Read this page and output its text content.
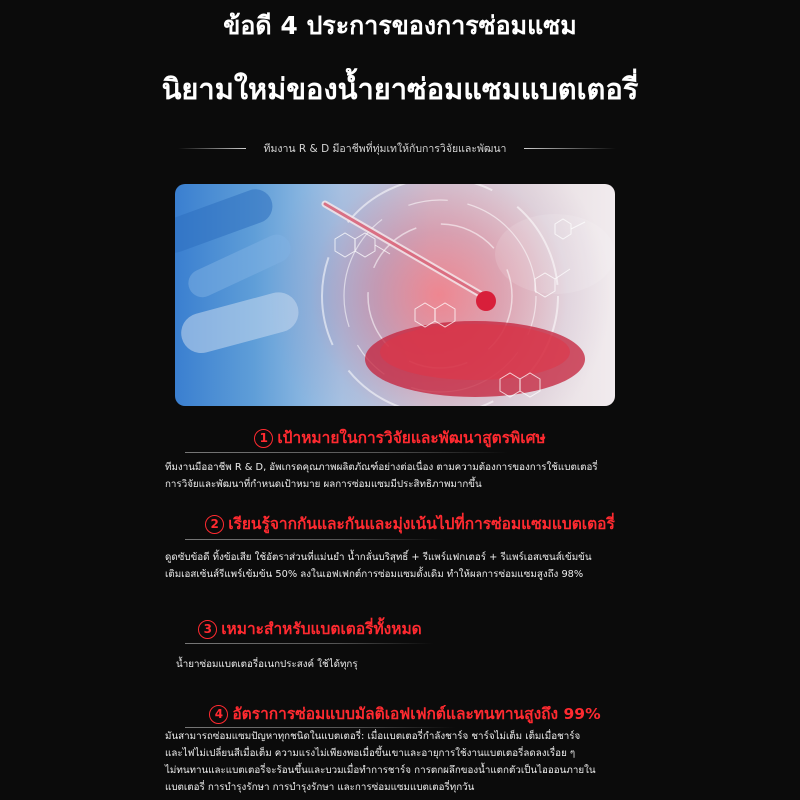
ข้อดี 4 ประการของการซ่อมแซม
นิยามใหม่ของน้ำยาซ่อมแซมแบตเตอรี่
ทีมงาน R & D มีอาชีพที่ทุ่มเทให้กับการวิจัยและพัฒนา
1 เป้าหมายในการวิจัยและพัฒนาสูตรพิเศษ
ทีมงานมืออาชีพ R & D, อัพเกรดคุณภาพผลิตภัณฑ์อย่างต่อเนื่อง ตามความต้องการของการใช้แบตเตอรี่
การวิจัยและพัฒนาที่กำหนดเป้าหมาย ผลการซ่อมแซมมีประสิทธิภาพมากขึ้น
2 เรียนรู้จากกันและกันและมุ่งเน้นไปที่การซ่อมแซมแบตเตอรี่
ดูดซับข้อดี ทิ้งข้อเสีย ใช้อัตราส่วนที่แม่นยำ น้ำกลั่นบริสุทธิ์ + รีแพร์แฟกเตอร์ + รีแพร์เอสเซนส์เข้มข้น
เติมเอสเซ้นส์รีแพร์เข้มข้น 50% ลงในเอฟเฟกต์การซ่อมแซมดั้งเดิม ทำให้ผลการซ่อมแซมสูงถึง 98%
3 เหมาะสำหรับแบตเตอรี่ทั้งหมด
น้ำยาซ่อมแบตเตอรี่อเนกประสงค์ ใช้ได้ทุกรุ
4 อัตราการซ่อมแบบมัลติเอฟเฟกต์และทนทานสูงถึง 99%
มันสามารถซ่อมแซมปัญหาทุกชนิดในแบตเตอรี่: เมื่อแบตเตอรี่กำลังชาร์จ ชาร์จไม่เต็ม เต็มเมื่อชาร์จ
และไฟไม่เปลี่ยนสีเมื่อเต็ม ความแรงไม่เพียงพอเมื่อขึ้นเขาและอายุการใช้งานแบตเตอรี่ลดลงเรื่อย ๆ
ไม่ทนทานและแบตเตอรี่จะร้อนขึ้นและบวมเมื่อทำการชาร์จ การตกผลึกของน้ำแตกตัวเป็นไอออนภายใน
แบตเตอรี่ การบำรุงรักษา การบำรุงรักษา และการซ่อมแซมแบตเตอรี่ทุกวัน
